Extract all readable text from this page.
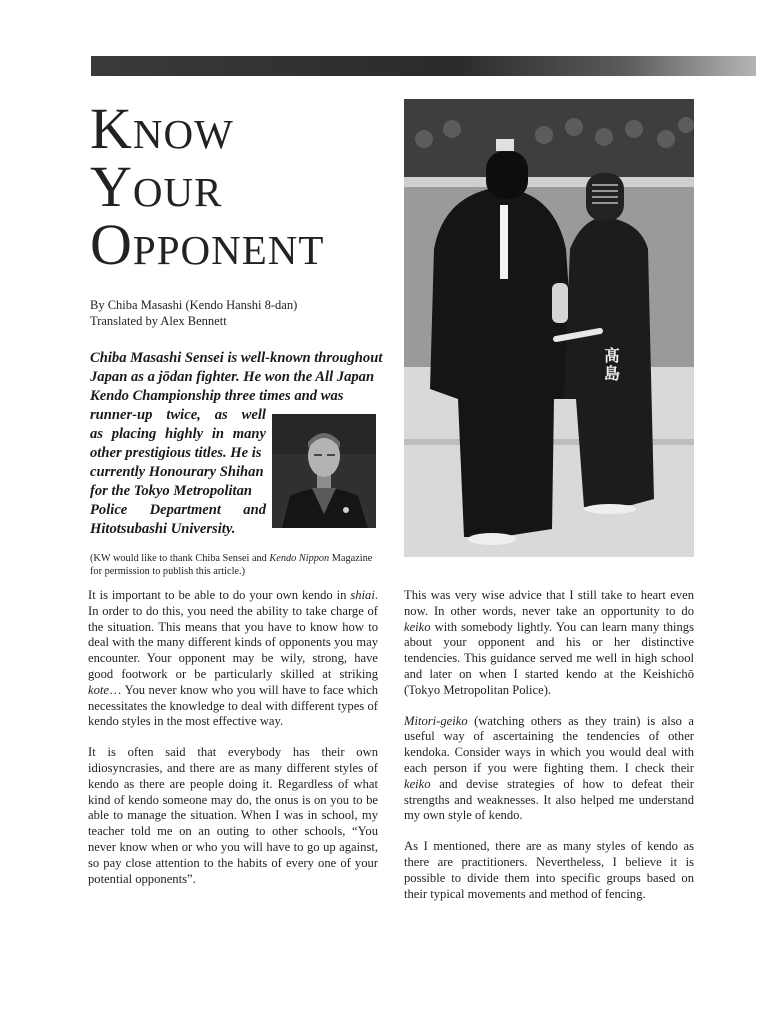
Know
Your
Opponent
By Chiba Masashi (Kendo Hanshi 8-dan)
Translated by Alex Bennett
Chiba Masashi Sensei is well-known throughout
Japan as a jōdan fighter. He won the All Japan
Kendo Championship three times and was
runner-up twice, as well
as placing highly in many
other prestigious titles. He is
currently Honourary Shihan
for the Tokyo Metropolitan
Police Department and
Hitotsubashi University.
(KW would like to thank Chiba Sensei and Kendo Nippon Magazine for permission to publish this article.)
髙
島

It is important to be able to do your own kendo in shiai. In order to do this, you need the ability to take charge of the situation. This means that you have to know how to deal with the many different kinds of opponents you may encounter. Your opponent may be wily, strong, have good footwork or be particularly skilled at striking kote… You never know who you will have to face which necessitates the knowledge to deal with different types of kendo styles in the most effective way.

It is often said that everybody has their own idiosyncrasies, and there are as many different styles of kendo as there are people doing it. Regardless of what kind of kendo someone may do, the onus is on you to be able to manage the situation. When I was in school, my teacher told me on an outing to other schools, “You never know when or who you will have to go up against, so pay close attention to the habits of every one of your potential opponents”.

This was very wise advice that I still take to heart even now. In other words, never take an opportunity to do keiko with somebody lightly. You can learn many things about your opponent and his or her distinctive tendencies. This guidance served me well in high school and later on when I started kendo at the Keishichō (Tokyo Metropolitan Police).

Mitori-geiko (watching others as they train) is also a useful way of ascertaining the tendencies of other kendoka. Consider ways in which you would deal with each person if you were fighting them. I check their keiko and devise strategies of how to defeat their strengths and weaknesses. It also helped me understand my own style of kendo.

As I mentioned, there are as many styles of kendo as there are practitioners. Nevertheless, I believe it is possible to divide them into specific groups based on their typical movements and method of fencing.
